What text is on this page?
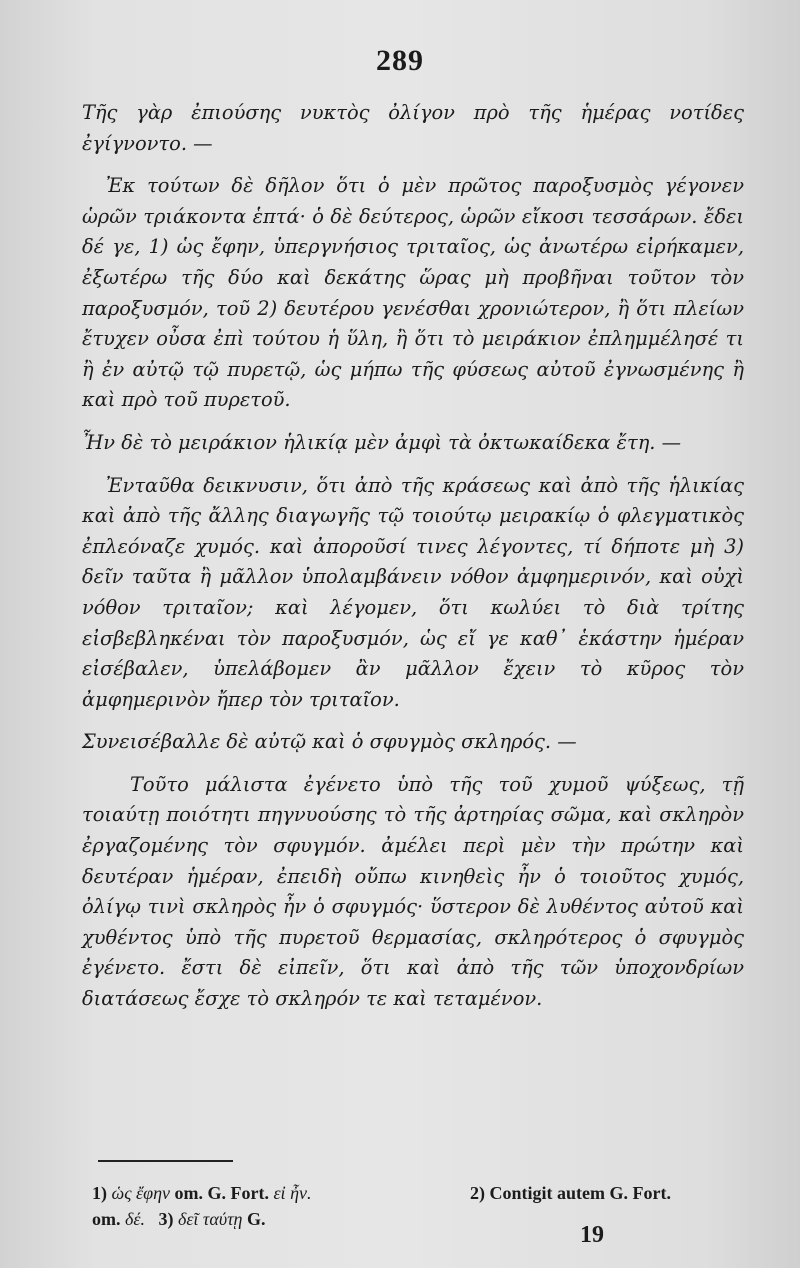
289

Τῆς γὰρ ἐπιούσης νυκτὸς ὀλίγον πρὸ τῆς ἡμέρας νοτίδες ἐγίγνοντο. —

Ἐκ τούτων δὲ δῆλον ὅτι ὁ μὲν πρῶτος παροξυσμὸς γέγονεν ὡρῶν τριάκοντα ἑπτά· ὁ δὲ δεύτερος, ὡρῶν εἴκοσι τεσσάρων. ἔδει δέ γε, 1) ὡς ἔφην, ὑπεργνήσιος τριταῖος, ὡς ἀνωτέρω εἰρήκαμεν, ἐξωτέρω τῆς δύο καὶ δεκάτης ὥρας μὴ προβῆναι τοῦτον τὸν παροξυσμόν, τοῦ 2) δευτέρου γενέσθαι χρονιώτερον, ἢ ὅτι πλείων ἔτυχεν οὖσα ἐπὶ τούτου ἡ ὕλη, ἢ ὅτι τὸ μειράκιον ἐπλημμέλησέ τι ἢ ἐν αὐτῷ τῷ πυρετῷ, ὡς μήπω τῆς φύσεως αὐτοῦ ἐγνωσμένης ἢ καὶ πρὸ τοῦ πυρετοῦ.

Ἦν δὲ τὸ μειράκιον ἡλικίᾳ μὲν ἀμφὶ τὰ ὀκτωκαίδεκα ἔτη. —

Ἐνταῦθα δεικνυσιν, ὅτι ἀπὸ τῆς κράσεως καὶ ἀπὸ τῆς ἡλικίας καὶ ἀπὸ τῆς ἄλλης διαγωγῆς τῷ τοιούτῳ μειρακίῳ ὁ φλεγματικὸς ἐπλεόναζε χυμός. καὶ ἀποροῦσί τινες λέγοντες, τί δήποτε μὴ 3) δεῖν ταῦτα ἢ μᾶλλον ὑπολαμβάνειν νόθον ἀμφημερινόν, καὶ οὐχὶ νόθον τριταῖον; καὶ λέγομεν, ὅτι κωλύει τὸ διὰ τρίτης εἰσβεβληκέναι τὸν παροξυσμόν, ὡς εἴ γε καθ᾽ ἑκάστην ἡμέραν εἰσέβαλεν, ὑπελάβομεν ἂν μᾶλλον ἔχειν τὸ κῦρος τὸν ἀμφημερινὸν ἤπερ τὸν τριταῖον.

Συνεισέβαλλε δὲ αὐτῷ καὶ ὁ σφυγμὸς σκληρός. —

Τοῦτο μάλιστα ἐγένετο ὑπὸ τῆς τοῦ χυμοῦ ψύξεως, τῇ τοιαύτῃ ποιότητι πηγνυούσης τὸ τῆς ἀρτηρίας σῶμα, καὶ σκληρὸν ἐργαζομένης τὸν σφυγμόν. ἀμέλει περὶ μὲν τὴν πρώτην καὶ δευτέραν ἡμέραν, ἐπειδὴ οὔπω κινηθεὶς ἦν ὁ τοιοῦτος χυμός, ὀλίγῳ τινὶ σκληρὸς ἦν ὁ σφυγμός· ὕστερον δὲ λυθέντος αὐτοῦ καὶ χυθέντος ὑπὸ τῆς πυρετοῦ θερμασίας, σκληρότερος ὁ σφυγμὸς ἐγένετο. ἔστι δὲ εἰπεῖν, ὅτι καὶ ἀπὸ τῆς τῶν ὑποχονδρίων διατάσεως ἔσχε τὸ σκληρόν τε καὶ τεταμένον.

1) ὡς ἔφην om. G. Fort. εἰ ἦν.	2) Contigit autem G. Fort.
om. δέ. 3) δεῖ ταύτῃ G.
19
